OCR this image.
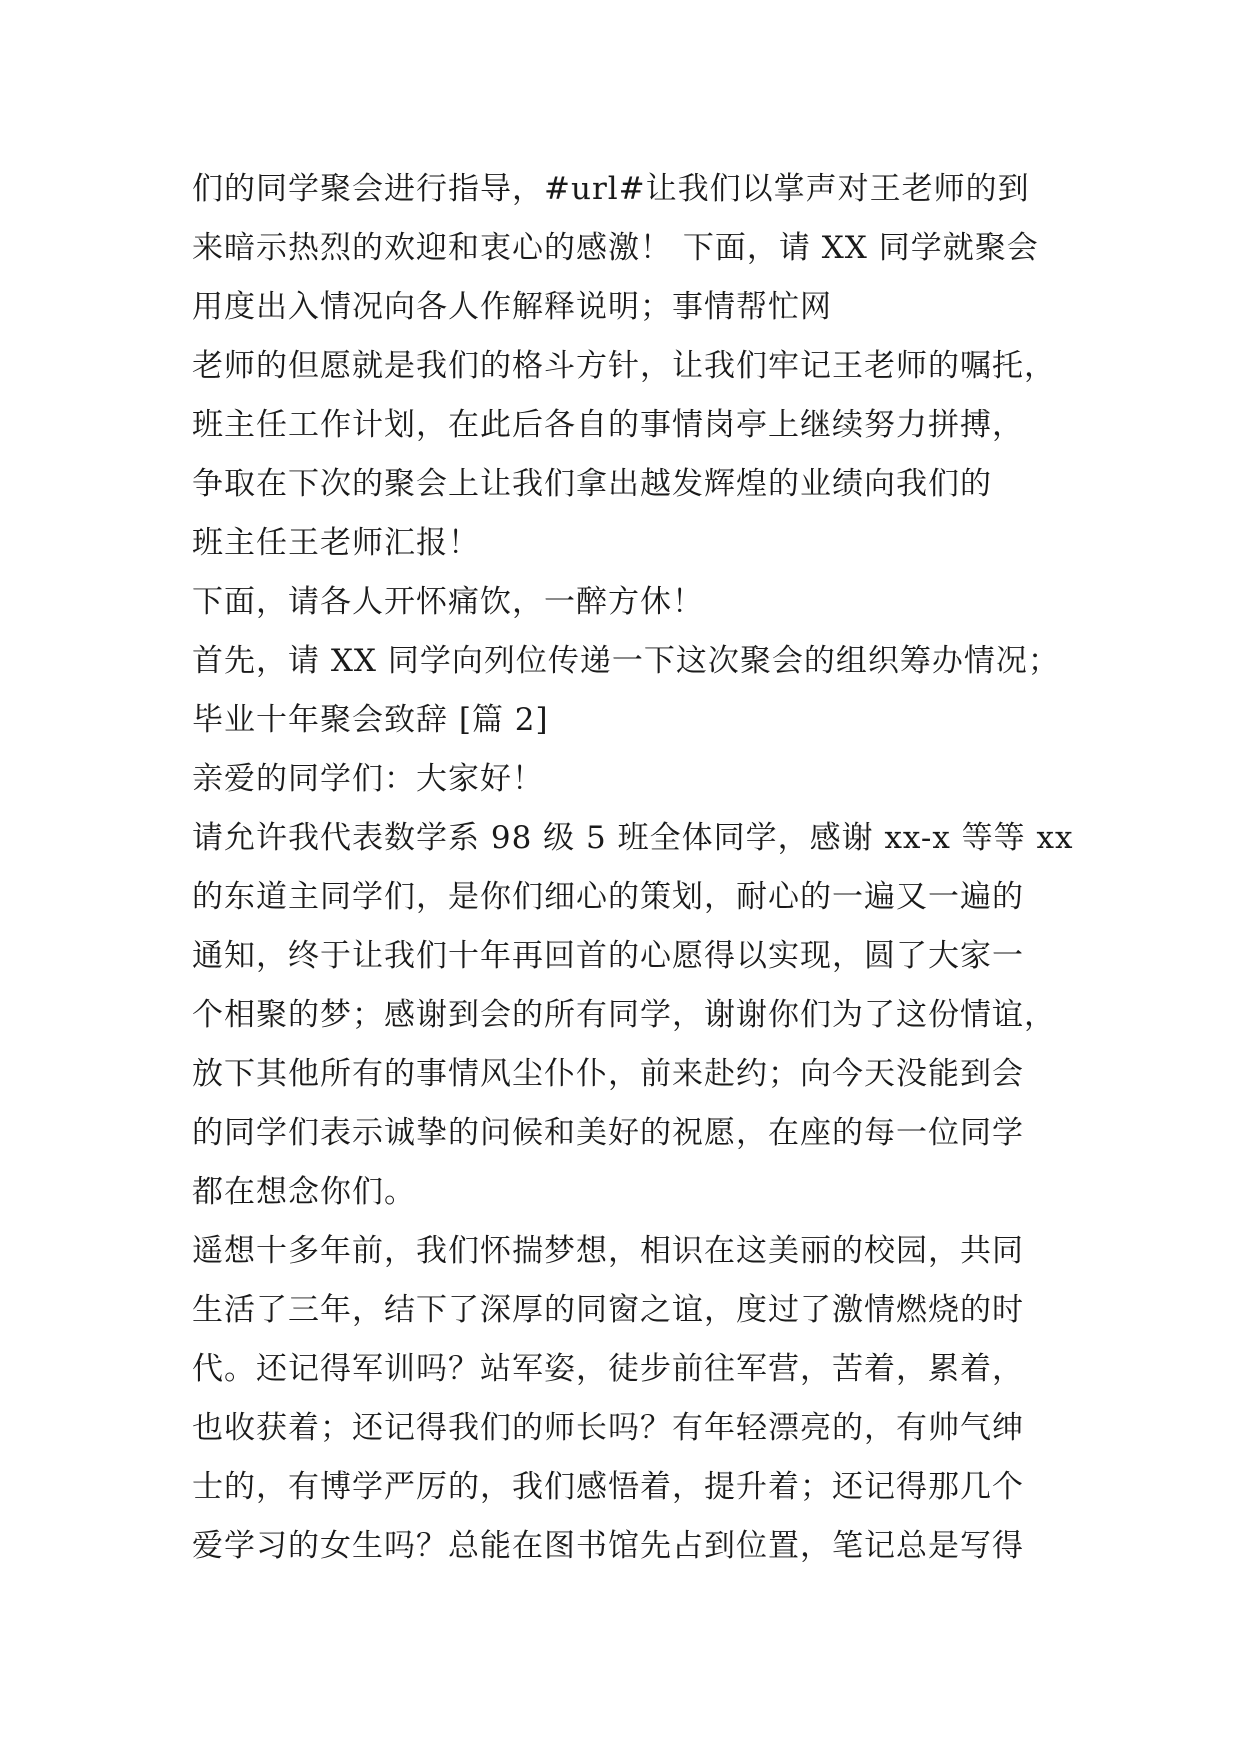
们的同学聚会进行指导，#url#让我们以掌声对王老师的到
来暗示热烈的欢迎和衷心的感激！ 下面，请 XX 同学就聚会
用度出入情况向各人作解释说明；事情帮忙网
老师的但愿就是我们的格斗方针，让我们牢记王老师的嘱托，
班主任工作计划，在此后各自的事情岗亭上继续努力拼搏，
争取在下次的聚会上让我们拿出越发辉煌的业绩向我们的
班主任王老师汇报！
下面，请各人开怀痛饮，一醉方休！
首先，请 XX 同学向列位传递一下这次聚会的组织筹办情况；
毕业十年聚会致辞 [篇 2]
亲爱的同学们：大家好！
请允许我代表数学系 98 级 5 班全体同学，感谢 xx-x 等等 xx
的东道主同学们，是你们细心的策划，耐心的一遍又一遍的
通知，终于让我们十年再回首的心愿得以实现，圆了大家一
个相聚的梦；感谢到会的所有同学，谢谢你们为了这份情谊，
放下其他所有的事情风尘仆仆，前来赴约；向今天没能到会
的同学们表示诚挚的问候和美好的祝愿，在座的每一位同学
都在想念你们。
遥想十多年前，我们怀揣梦想，相识在这美丽的校园，共同
生活了三年，结下了深厚的同窗之谊，度过了激情燃烧的时
代。还记得军训吗？站军姿，徒步前往军营，苦着，累着，
也收获着；还记得我们的师长吗？有年轻漂亮的，有帅气绅
士的，有博学严厉的，我们感悟着，提升着；还记得那几个
爱学习的女生吗？总能在图书馆先占到位置，笔记总是写得
